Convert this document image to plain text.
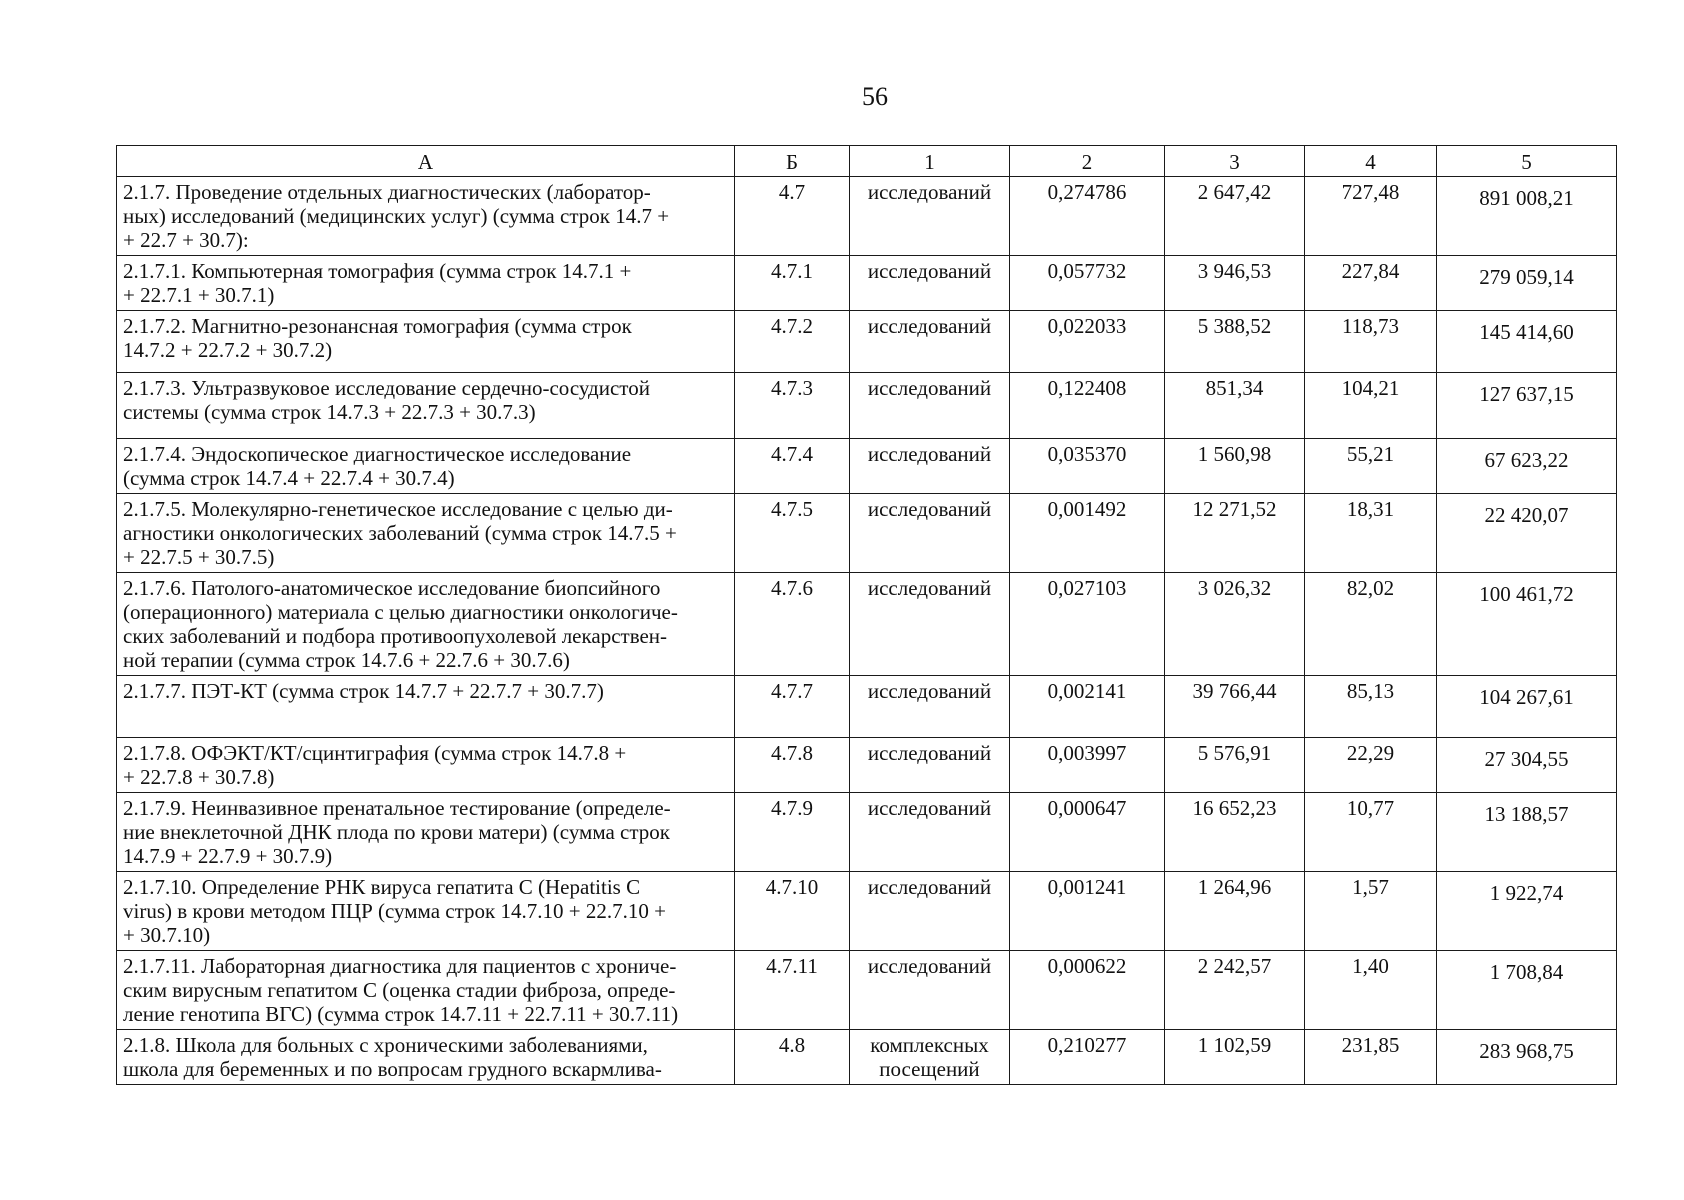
56
А	Б	1	2	3	4	5
2.1.7. Проведение отдельных диагностических (лаборатор-
ных) исследований (медицинских услуг) (сумма строк 14.7 +
+ 22.7 + 30.7):	4.7	исследований	0,274786	2 647,42	727,48	891 008,21
2.1.7.1. Компьютерная томография (сумма строк 14.7.1 +
+ 22.7.1 + 30.7.1)	4.7.1	исследований	0,057732	3 946,53	227,84	279 059,14
2.1.7.2. Магнитно-резонансная томография (сумма строк
14.7.2 + 22.7.2 + 30.7.2)	4.7.2	исследований	0,022033	5 388,52	118,73	145 414,60
2.1.7.3. Ультразвуковое исследование сердечно-сосудистой
системы (сумма строк 14.7.3 + 22.7.3 + 30.7.3)	4.7.3	исследований	0,122408	851,34	104,21	127 637,15
2.1.7.4. Эндоскопическое диагностическое исследование
(сумма строк 14.7.4 + 22.7.4 + 30.7.4)	4.7.4	исследований	0,035370	1 560,98	55,21	67 623,22
2.1.7.5. Молекулярно-генетическое исследование с целью ди-
агностики онкологических заболеваний (сумма строк 14.7.5 +
+ 22.7.5 + 30.7.5)	4.7.5	исследований	0,001492	12 271,52	18,31	22 420,07
2.1.7.6. Патолого-анатомическое исследование биопсийного
(операционного) материала с целью диагностики онкологиче-
ских заболеваний и подбора противоопухолевой лекарствен-
ной терапии (сумма строк 14.7.6 + 22.7.6 + 30.7.6)	4.7.6	исследований	0,027103	3 026,32	82,02	100 461,72
2.1.7.7. ПЭТ-КТ (сумма строк 14.7.7 + 22.7.7 + 30.7.7)	4.7.7	исследований	0,002141	39 766,44	85,13	104 267,61
2.1.7.8. ОФЭКТ/КТ/сцинтиграфия (сумма строк 14.7.8 +
+ 22.7.8 + 30.7.8)	4.7.8	исследований	0,003997	5 576,91	22,29	27 304,55
2.1.7.9. Неинвазивное пренатальное тестирование (определе-
ние внеклеточной ДНК плода по крови матери) (сумма строк
14.7.9 + 22.7.9 + 30.7.9)	4.7.9	исследований	0,000647	16 652,23	10,77	13 188,57
2.1.7.10. Определение РНК вируса гепатита С (Hepatitis C
virus) в крови методом ПЦР (сумма строк 14.7.10 + 22.7.10 +
+ 30.7.10)	4.7.10	исследований	0,001241	1 264,96	1,57	1 922,74
2.1.7.11. Лабораторная диагностика для пациентов с хрониче-
ским вирусным гепатитом С (оценка стадии фиброза, опреде-
ление генотипа ВГС) (сумма строк 14.7.11 + 22.7.11 + 30.7.11)	4.7.11	исследований	0,000622	2 242,57	1,40	1 708,84
2.1.8. Школа для больных с хроническими заболеваниями,
школа для беременных и по вопросам грудного вскармлива-	4.8	комплексных
посещений	0,210277	1 102,59	231,85	283 968,75
